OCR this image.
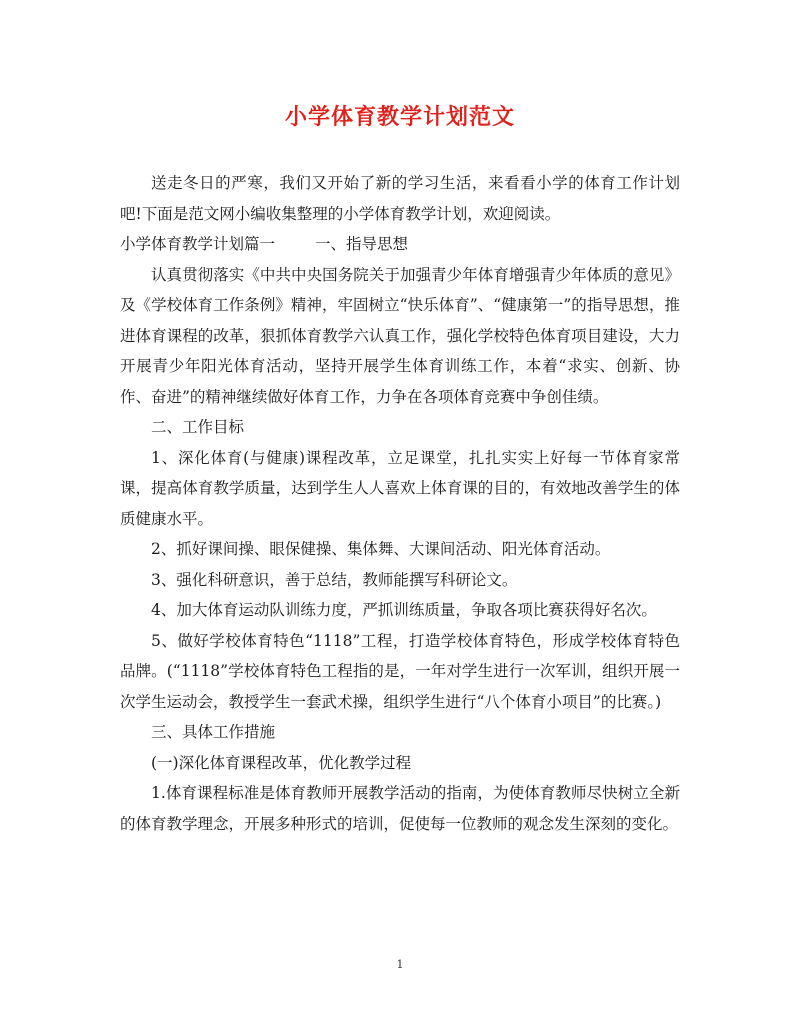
小学体育教学计划范文

送走冬日的严寒，我们又开始了新的学习生活，来看看小学的体育工作计划吧!下面是范文网小编收集整理的小学体育教学计划，欢迎阅读。

小学体育教学计划篇一	一、指导思想

认真贯彻落实《中共中央国务院关于加强青少年体育增强青少年体质的意见》及《学校体育工作条例》精神，牢固树立“快乐体育”、“健康第一”的指导思想，推进体育课程的改革，狠抓体育教学六认真工作，强化学校特色体育项目建设，大力开展青少年阳光体育活动，坚持开展学生体育训练工作，本着“求实、创新、协作、奋进”的精神继续做好体育工作，力争在各项体育竞赛中争创佳绩。

二、工作目标

1、深化体育(与健康)课程改革，立足课堂，扎扎实实上好每一节体育家常课，提高体育教学质量，达到学生人人喜欢上体育课的目的，有效地改善学生的体质健康水平。

2、抓好课间操、眼保健操、集体舞、大课间活动、阳光体育活动。

3、强化科研意识，善于总结，教师能撰写科研论文。

4、加大体育运动队训练力度，严抓训练质量，争取各项比赛获得好名次。

5、做好学校体育特色“1118”工程，打造学校体育特色，形成学校体育特色品牌。(“1118”学校体育特色工程指的是，一年对学生进行一次军训，组织开展一次学生运动会，教授学生一套武术操，组织学生进行“八个体育小项目”的比赛。)

三、具体工作措施

(一)深化体育课程改革，优化教学过程

1.体育课程标准是体育教师开展教学活动的指南，为使体育教师尽快树立全新的体育教学理念，开展多种形式的培训，促使每一位教师的观念发生深刻的变化。

1
